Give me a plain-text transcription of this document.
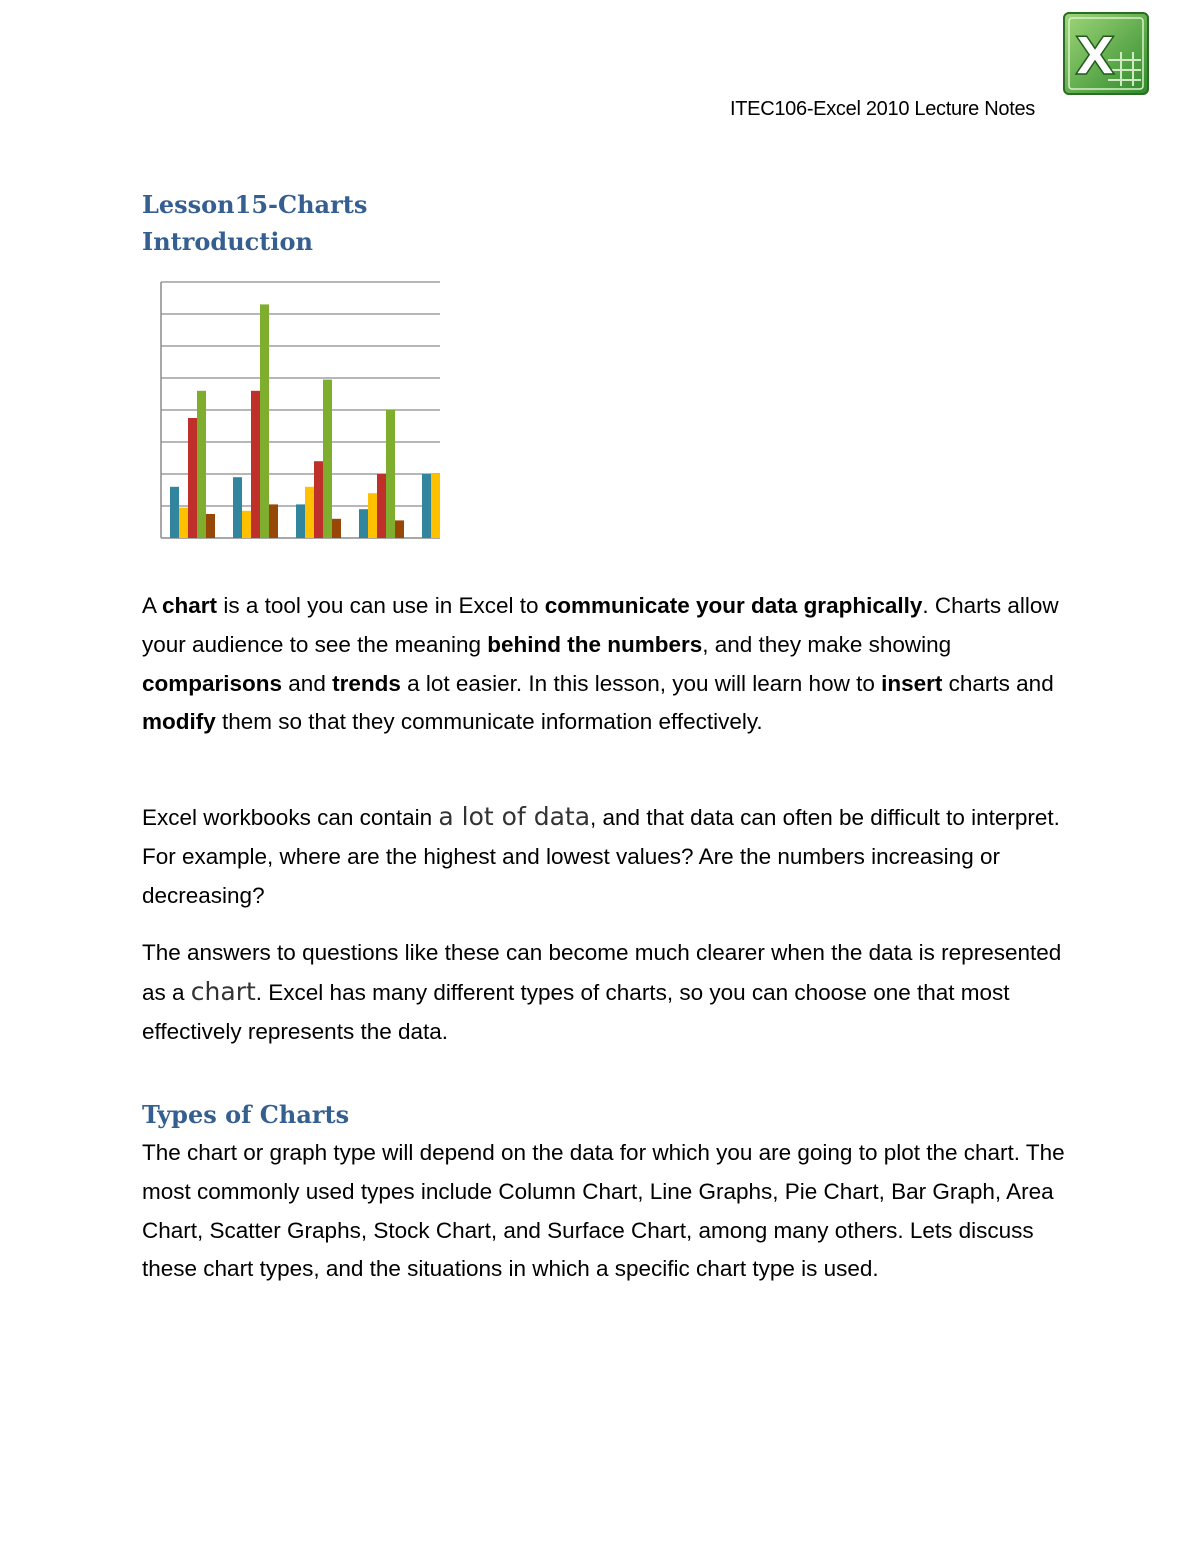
X
ITEC106-Excel 2010 Lecture Notes
Lesson15-Charts
Introduction

A chart is a tool you can use in Excel to communicate your data graphically. Charts allow your audience to see the meaning behind the numbers, and they make showing comparisons and trends a lot easier. In this lesson, you will learn how to insert charts and modify them so that they communicate information effectively.

Excel workbooks can contain a lot of data, and that data can often be difficult to interpret. For example, where are the highest and lowest values? Are the numbers increasing or decreasing?

The answers to questions like these can become much clearer when the data is represented as a chart. Excel has many different types of charts, so you can choose one that most effectively represents the data.

Types of Charts

The chart or graph type will depend on the data for which you are going to plot the chart. The most commonly used types include Column Chart, Line Graphs, Pie Chart, Bar Graph, Area Chart, Scatter Graphs, Stock Chart, and Surface Chart, among many others. Lets discuss these chart types, and the situations in which a specific chart type is used.
